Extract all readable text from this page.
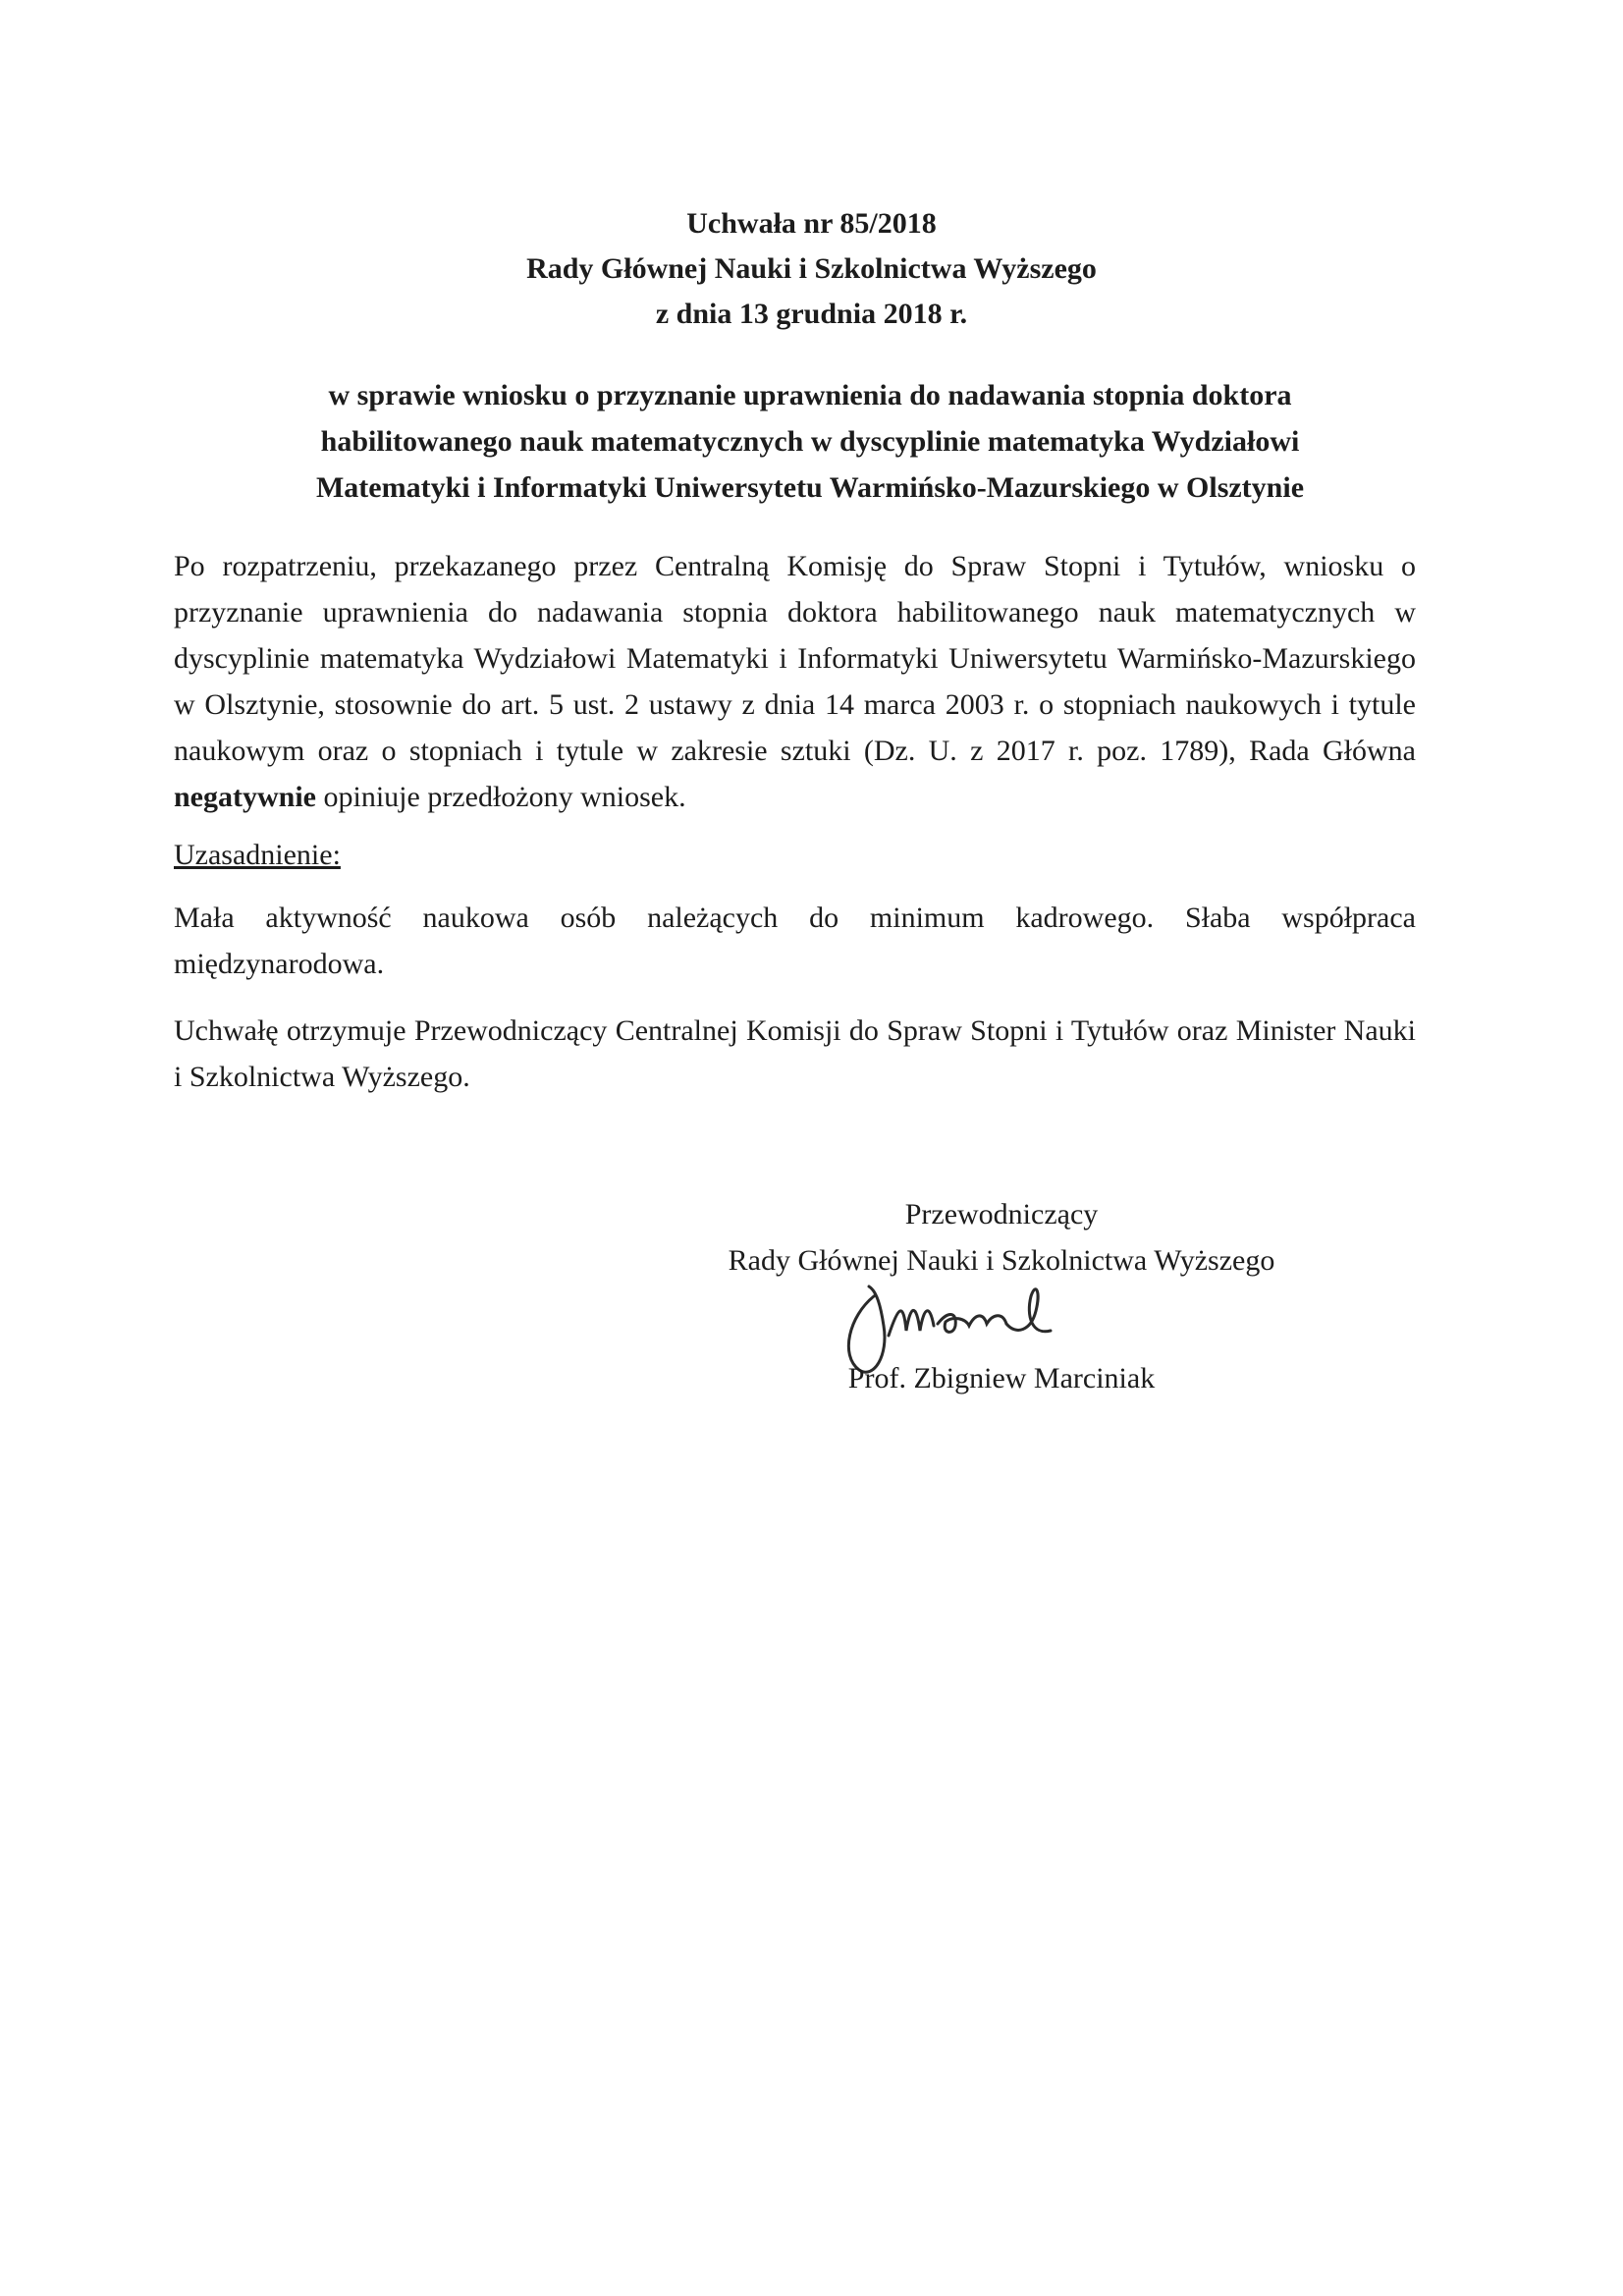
Uchwała nr 85/2018
Rady Głównej Nauki i Szkolnictwa Wyższego
z dnia 13 grudnia 2018 r.
w sprawie wniosku o przyznanie uprawnienia do nadawania stopnia doktora
habilitowanego nauk matematycznych w dyscyplinie matematyka Wydziałowi
Matematyki i Informatyki Uniwersytetu Warmińsko-Mazurskiego w Olsztynie
Po rozpatrzeniu, przekazanego przez Centralną Komisję do Spraw Stopni i Tytułów, wniosku o przyznanie uprawnienia do nadawania stopnia doktora habilitowanego nauk matematycznych w dyscyplinie matematyka Wydziałowi Matematyki i Informatyki Uniwersytetu Warmińsko-Mazurskiego w Olsztynie, stosownie do art. 5 ust. 2 ustawy z dnia 14 marca 2003 r. o stopniach naukowych i tytule naukowym oraz o stopniach i tytule w zakresie sztuki (Dz. U. z 2017 r. poz. 1789), Rada Główna negatywnie opiniuje przedłożony wniosek.
Uzasadnienie:
Mała aktywność naukowa osób należących do minimum kadrowego. Słaba współpraca międzynarodowa.
Uchwałę otrzymuje Przewodniczący Centralnej Komisji do Spraw Stopni i Tytułów oraz Minister Nauki i Szkolnictwa Wyższego.
Przewodniczący
Rady Głównej Nauki i Szkolnictwa Wyższego
Prof. Zbigniew Marciniak
